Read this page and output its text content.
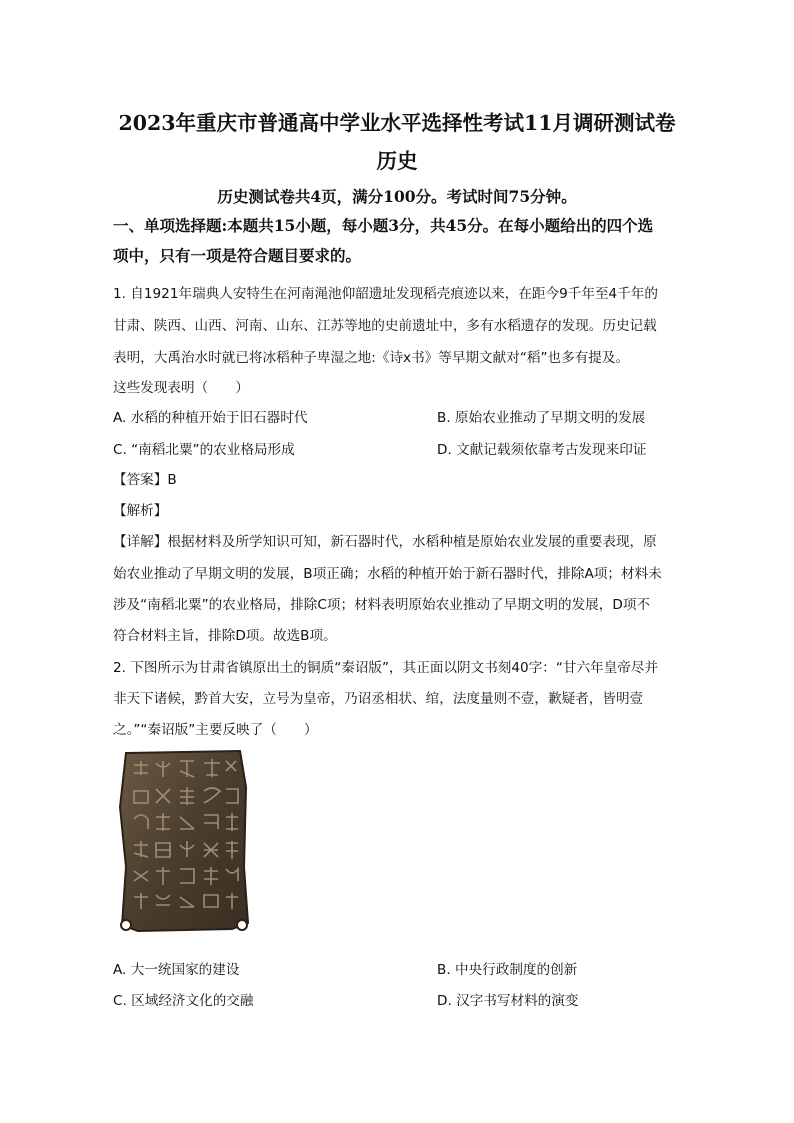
2023年重庆市普通高中学业水平选择性考试11月调研测试卷
历史
历史测试卷共4页，满分100分。考试时间75分钟。
一、单项选择题:本题共15小题，每小题3分，共45分。在每小题给出的四个选
项中，只有一项是符合题目要求的。
1. 自1921年瑞典人安特生在河南渑池仰韶遗址发现稻壳痕迹以来，在距今9千年至4千年的
甘肃、陕西、山西、河南、山东、江苏等地的史前遗址中，多有水稻遗存的发现。历史记载
表明，大禹治水时就已将冰稻种子卑湿之地:《诗ⅹ书》等早期文献对“稻”也多有提及。
这些发现表明（　　）
A. 水稻的种植开始于旧石器时代	B. 原始农业推动了早期文明的发展
C. “南稻北粟”的农业格局形成	D. 文献记载须依靠考古发现来印证
【答案】B
【解析】
【详解】根据材料及所学知识可知，新石器时代，水稻种植是原始农业发展的重要表现，原
始农业推动了早期文明的发展，B项正确；水稻的种植开始于新石器时代，排除A项；材料未
涉及“南稻北粟”的农业格局，排除C项；材料表明原始农业推动了早期文明的发展，D项不
符合材料主旨，排除D项。故选B项。
2. 下图所示为甘肃省镇原出土的铜质“秦诏版”，其正面以阴文书刻40字：“甘六年皇帝尽并
非天下诸候，黔首大安，立号为皇帝，乃诏丞相状、绾，法度量则不壹，歉疑者，皆明壹
之。”“秦诏版”主要反映了（　　）
A. 大一统国家的建设	B. 中央行政制度的创新
C. 区域经济文化的交融	D. 汉字书写材料的演变
